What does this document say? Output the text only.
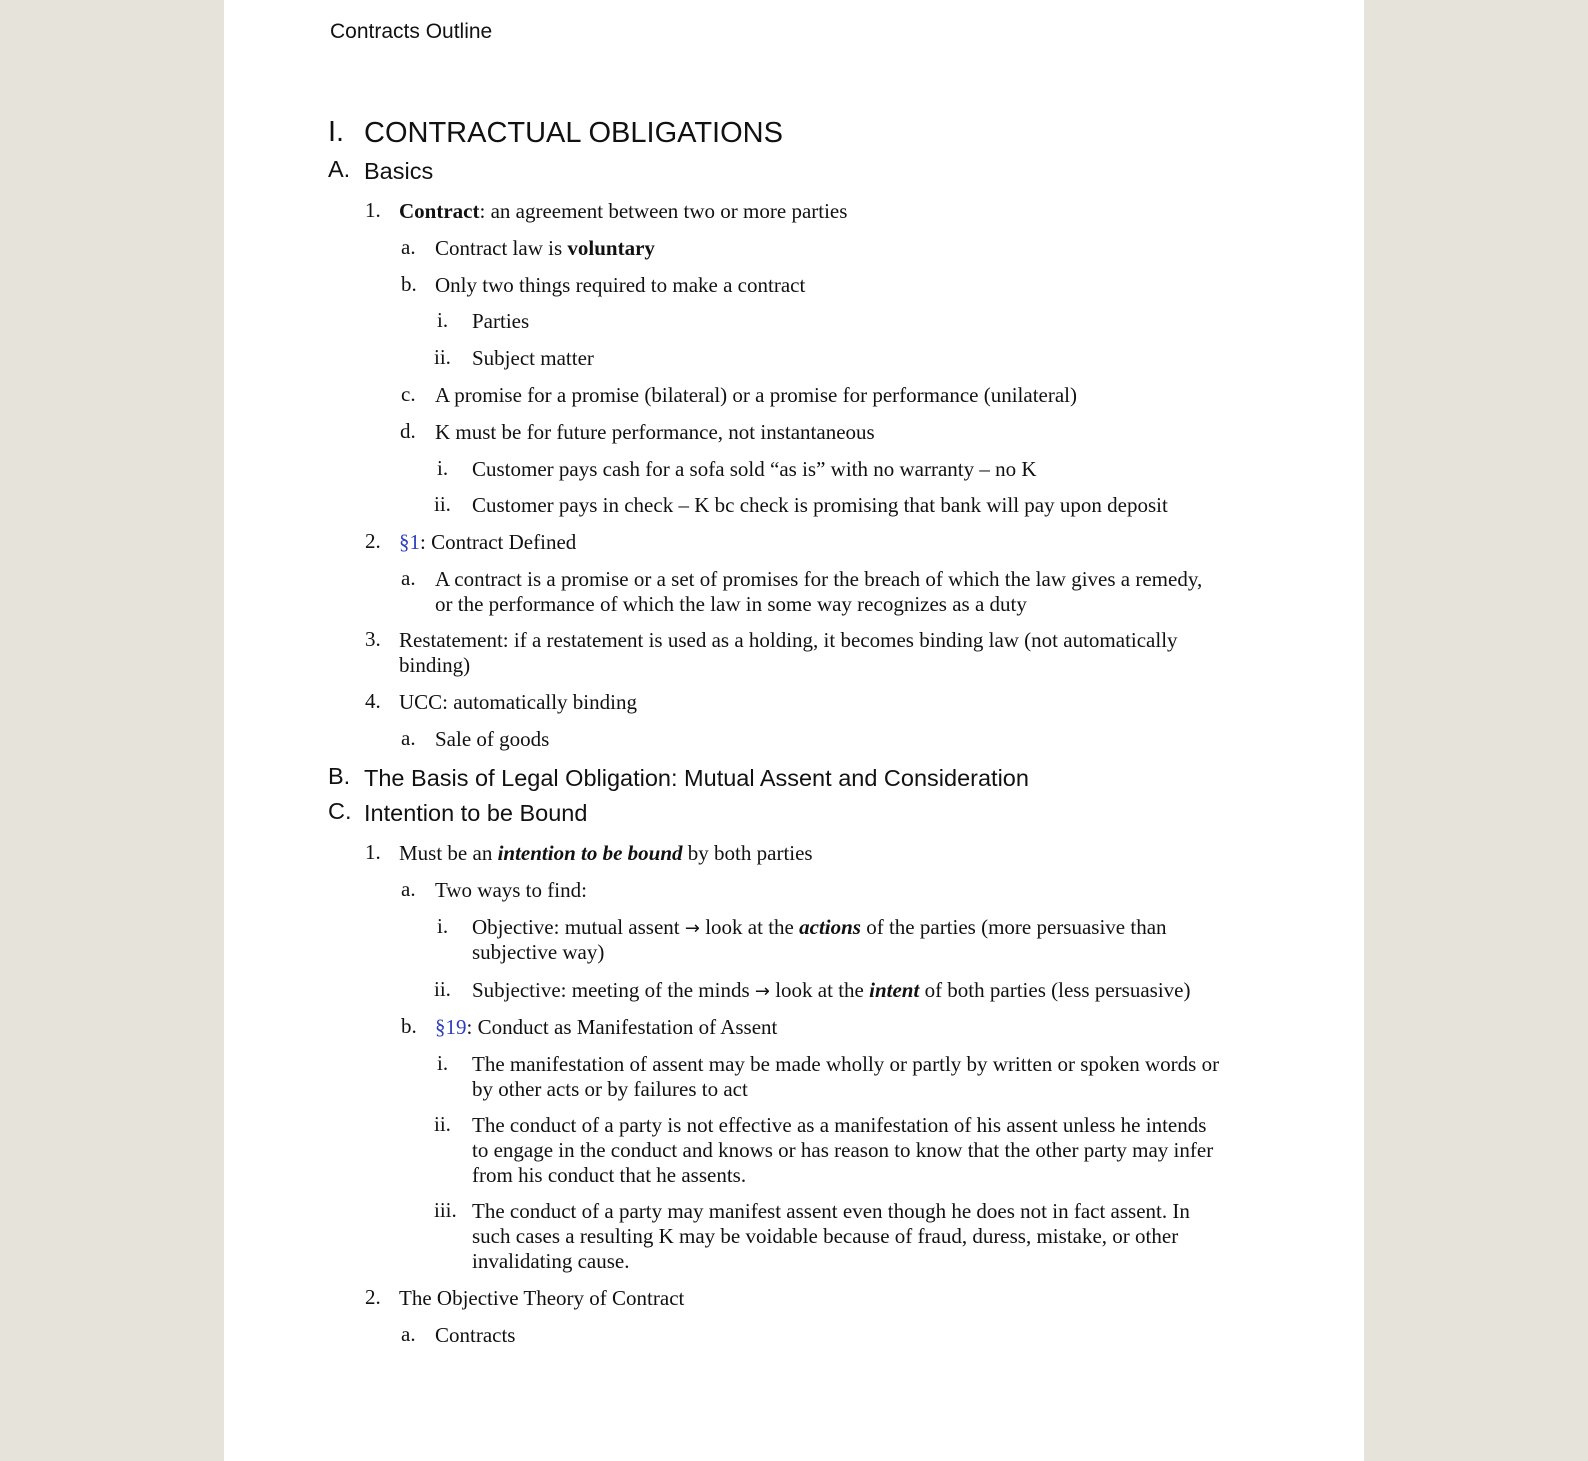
Contracts Outline
I. CONTRACTUAL OBLIGATIONS
A. Basics
1. Contract: an agreement between two or more parties
a. Contract law is voluntary
b. Only two things required to make a contract
i. Parties
ii. Subject matter
c. A promise for a promise (bilateral) or a promise for performance (unilateral)
d. K must be for future performance, not instantaneous
i. Customer pays cash for a sofa sold “as is” with no warranty – no K
ii. Customer pays in check – K bc check is promising that bank will pay upon deposit
2. §1: Contract Defined
a. A contract is a promise or a set of promises for the breach of which the law gives a remedy,
or the performance of which the law in some way recognizes as a duty
3. Restatement: if a restatement is used as a holding, it becomes binding law (not automatically
binding)
4. UCC: automatically binding
a. Sale of goods
B. The Basis of Legal Obligation: Mutual Assent and Consideration
C. Intention to be Bound
1. Must be an intention to be bound by both parties
a. Two ways to find:
i. Objective: mutual assent → look at the actions of the parties (more persuasive than
subjective way)
ii. Subjective: meeting of the minds → look at the intent of both parties (less persuasive)
b. §19: Conduct as Manifestation of Assent
i. The manifestation of assent may be made wholly or partly by written or spoken words or
by other acts or by failures to act
ii. The conduct of a party is not effective as a manifestation of his assent unless he intends
to engage in the conduct and knows or has reason to know that the other party may infer
from his conduct that he assents.
iii. The conduct of a party may manifest assent even though he does not in fact assent. In
such cases a resulting K may be voidable because of fraud, duress, mistake, or other
invalidating cause.
2. The Objective Theory of Contract
a. Contracts
